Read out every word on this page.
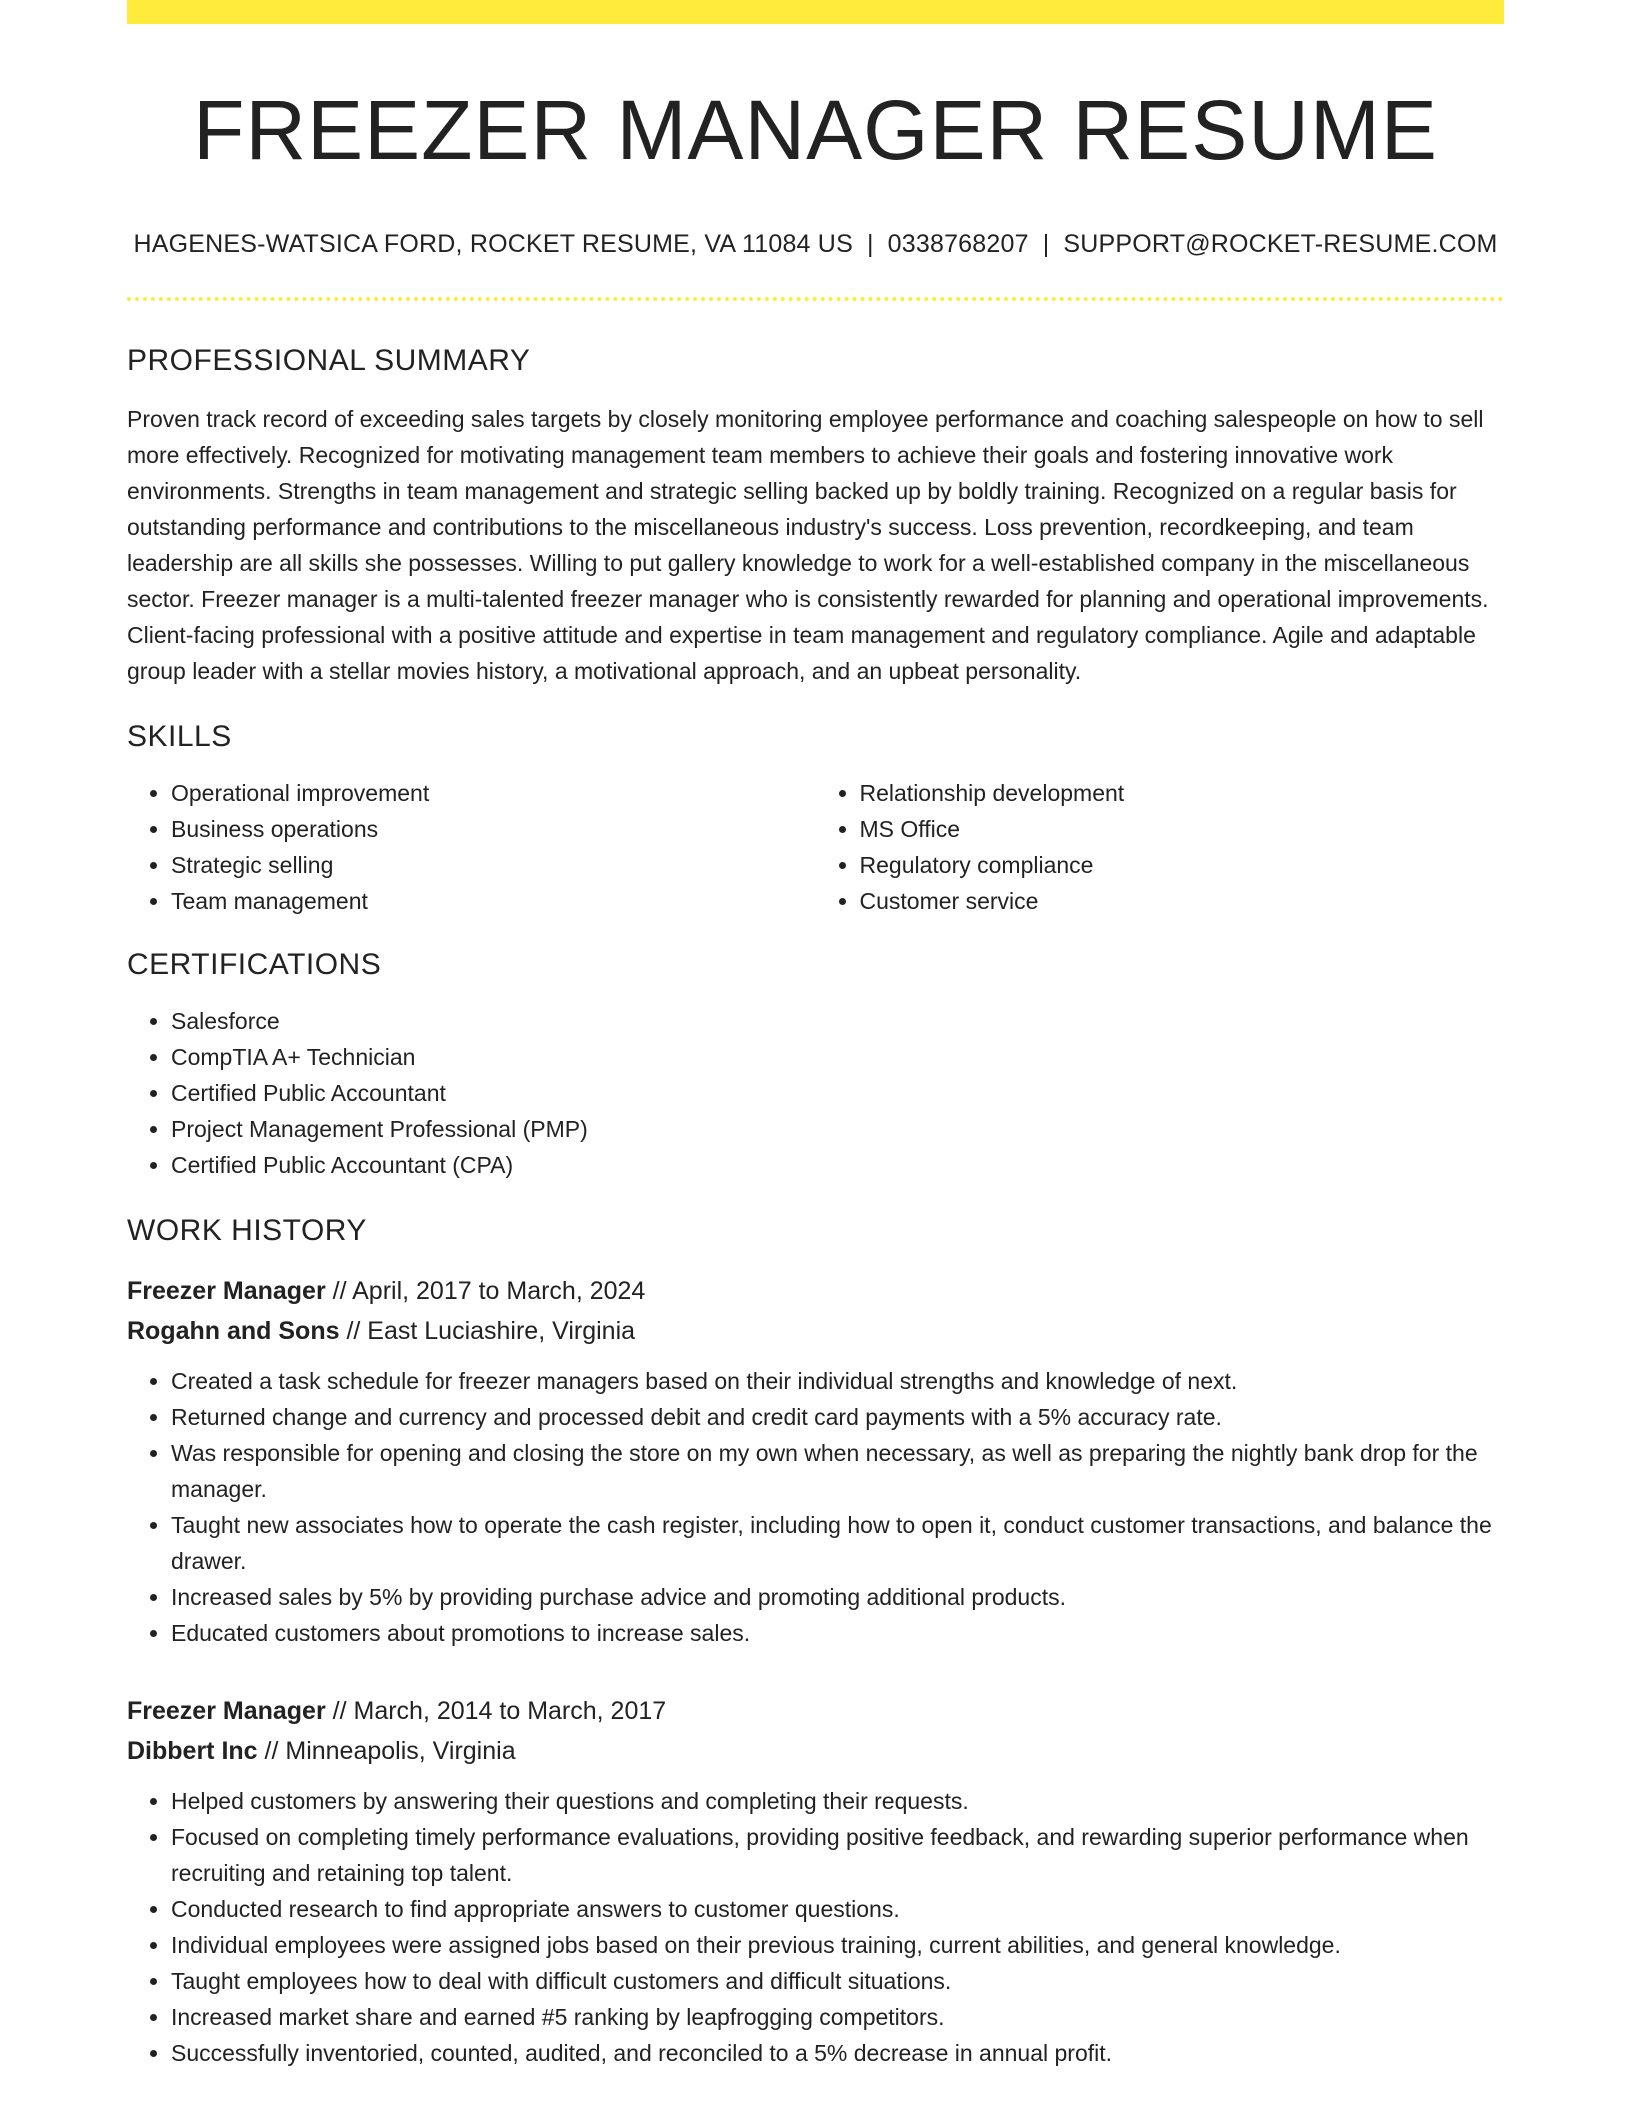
FREEZER MANAGER RESUME
HAGENES-WATSICA FORD, ROCKET RESUME, VA 11084 US | 0338768207 | SUPPORT@ROCKET-RESUME.COM
PROFESSIONAL SUMMARY

Proven track record of exceeding sales targets by closely monitoring employee performance and coaching salespeople on how to sell more effectively. Recognized for motivating management team members to achieve their goals and fostering innovative work environments. Strengths in team management and strategic selling backed up by boldly training. Recognized on a regular basis for outstanding performance and contributions to the miscellaneous industry's success. Loss prevention, recordkeeping, and team leadership are all skills she possesses. Willing to put gallery knowledge to work for a well-established company in the miscellaneous sector. Freezer manager is a multi-talented freezer manager who is consistently rewarded for planning and operational improvements. Client-facing professional with a positive attitude and expertise in team management and regulatory compliance. Agile and adaptable group leader with a stellar movies history, a motivational approach, and an upbeat personality.

SKILLS
• Operational improvement
• Business operations
• Strategic selling
• Team management
• Relationship development
• MS Office
• Regulatory compliance
• Customer service
CERTIFICATIONS
• Salesforce
• CompTIA A+ Technician
• Certified Public Accountant
• Project Management Professional (PMP)
• Certified Public Accountant (CPA)
WORK HISTORY
Freezer Manager // April, 2017 to March, 2024
Rogahn and Sons // East Luciashire, Virginia
• Created a task schedule for freezer managers based on their individual strengths and knowledge of next.
• Returned change and currency and processed debit and credit card payments with a 5% accuracy rate.
• Was responsible for opening and closing the store on my own when necessary, as well as preparing the nightly bank drop for the manager.
• Taught new associates how to operate the cash register, including how to open it, conduct customer transactions, and balance the drawer.
• Increased sales by 5% by providing purchase advice and promoting additional products.
• Educated customers about promotions to increase sales.
Freezer Manager // March, 2014 to March, 2017
Dibbert Inc // Minneapolis, Virginia
• Helped customers by answering their questions and completing their requests.
• Focused on completing timely performance evaluations, providing positive feedback, and rewarding superior performance when recruiting and retaining top talent.
• Conducted research to find appropriate answers to customer questions.
• Individual employees were assigned jobs based on their previous training, current abilities, and general knowledge.
• Taught employees how to deal with difficult customers and difficult situations.
• Increased market share and earned #5 ranking by leapfrogging competitors.
• Successfully inventoried, counted, audited, and reconciled to a 5% decrease in annual profit.
